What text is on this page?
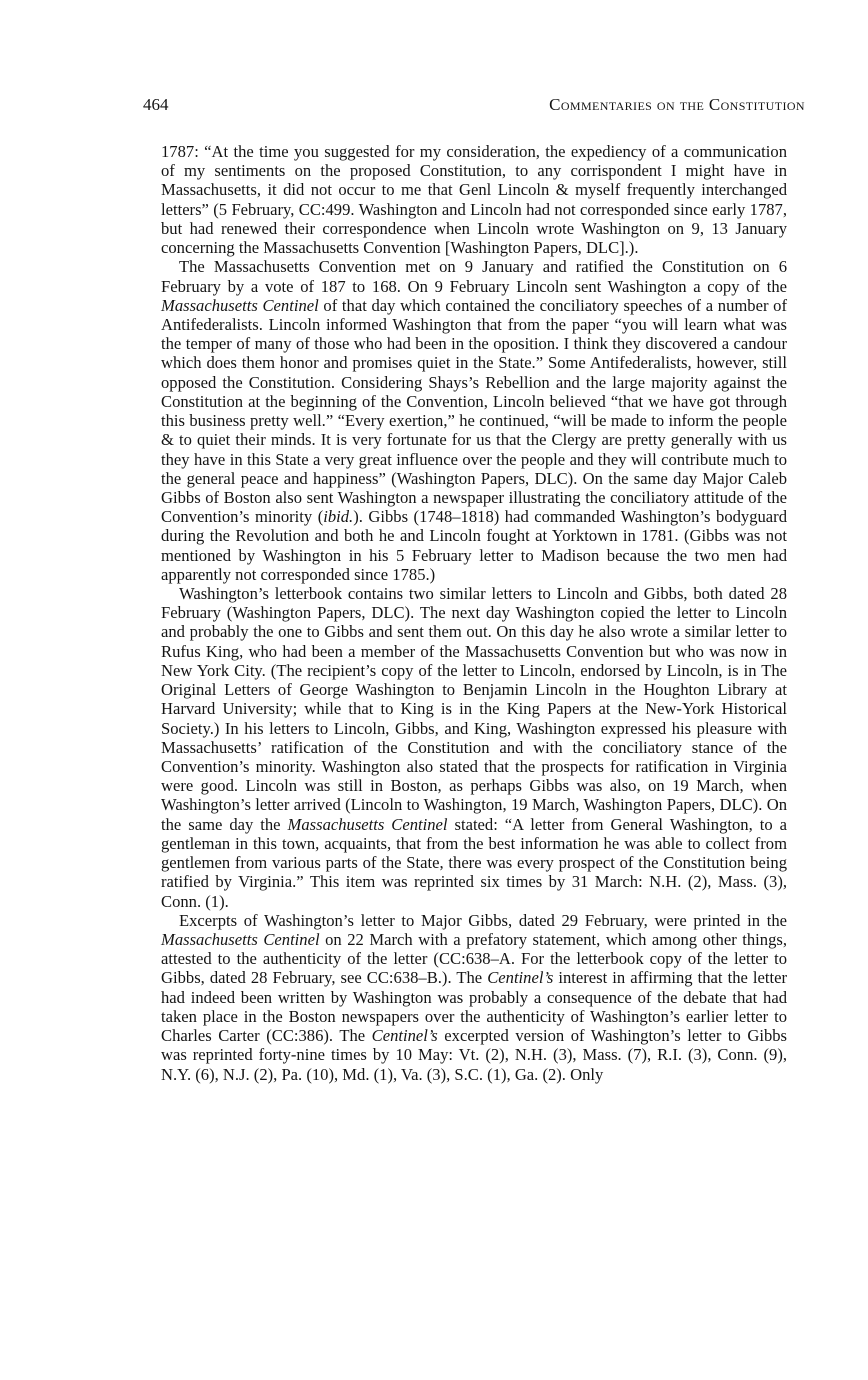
464	Commentaries on the Constitution

1787: “At the time you suggested for my consideration, the expediency of a communication of my sentiments on the proposed Constitution, to any corrispondent I might have in Massachusetts, it did not occur to me that Genl Lincoln & myself frequently interchanged letters” (5 February, CC:499. Washington and Lincoln had not corresponded since early 1787, but had renewed their correspondence when Lincoln wrote Washington on 9, 13 January concerning the Massachusetts Convention [Washington Papers, DLC].).

The Massachusetts Convention met on 9 January and ratified the Constitution on 6 February by a vote of 187 to 168. On 9 February Lincoln sent Washington a copy of the Massachusetts Centinel of that day which contained the conciliatory speeches of a number of Antifederalists. Lincoln informed Washington that from the paper “you will learn what was the temper of many of those who had been in the oposition. I think they discovered a candour which does them honor and promises quiet in the State.” Some Antifederalists, however, still opposed the Constitution. Considering Shays’s Rebellion and the large majority against the Constitution at the beginning of the Convention, Lincoln believed “that we have got through this business pretty well.” “Every exertion,” he continued, “will be made to inform the people & to quiet their minds. It is very fortunate for us that the Clergy are pretty generally with us they have in this State a very great influence over the people and they will contribute much to the general peace and happiness” (Washington Papers, DLC). On the same day Major Caleb Gibbs of Boston also sent Washington a newspaper illustrating the conciliatory attitude of the Convention’s minority (ibid.). Gibbs (1748–1818) had commanded Washington’s bodyguard during the Revolution and both he and Lincoln fought at Yorktown in 1781. (Gibbs was not mentioned by Washington in his 5 February letter to Madison because the two men had apparently not corresponded since 1785.)

Washington’s letterbook contains two similar letters to Lincoln and Gibbs, both dated 28 February (Washington Papers, DLC). The next day Washington copied the letter to Lincoln and probably the one to Gibbs and sent them out. On this day he also wrote a similar letter to Rufus King, who had been a member of the Massachusetts Convention but who was now in New York City. (The recipient’s copy of the letter to Lincoln, endorsed by Lincoln, is in The Original Letters of George Washington to Benjamin Lincoln in the Houghton Library at Harvard University; while that to King is in the King Papers at the New-York Historical Society.) In his letters to Lincoln, Gibbs, and King, Washington expressed his pleasure with Massachusetts’ ratification of the Constitution and with the conciliatory stance of the Convention’s minority. Washington also stated that the prospects for ratification in Virginia were good. Lincoln was still in Boston, as perhaps Gibbs was also, on 19 March, when Washington’s letter arrived (Lincoln to Washington, 19 March, Washington Papers, DLC). On the same day the Massachusetts Centinel stated: “A letter from General Washington, to a gentleman in this town, acquaints, that from the best information he was able to collect from gentlemen from various parts of the State, there was every prospect of the Constitution being ratified by Virginia.” This item was reprinted six times by 31 March: N.H. (2), Mass. (3), Conn. (1).

Excerpts of Washington’s letter to Major Gibbs, dated 29 February, were printed in the Massachusetts Centinel on 22 March with a prefatory statement, which among other things, attested to the authenticity of the letter (CC:638–A. For the letterbook copy of the letter to Gibbs, dated 28 February, see CC:638–B.). The Centinel’s interest in affirming that the letter had indeed been written by Washington was probably a consequence of the debate that had taken place in the Boston newspapers over the authenticity of Washington’s earlier letter to Charles Carter (CC:386). The Centinel’s excerpted version of Washington’s letter to Gibbs was reprinted forty-nine times by 10 May: Vt. (2), N.H. (3), Mass. (7), R.I. (3), Conn. (9), N.Y. (6), N.J. (2), Pa. (10), Md. (1), Va. (3), S.C. (1), Ga. (2). Only
